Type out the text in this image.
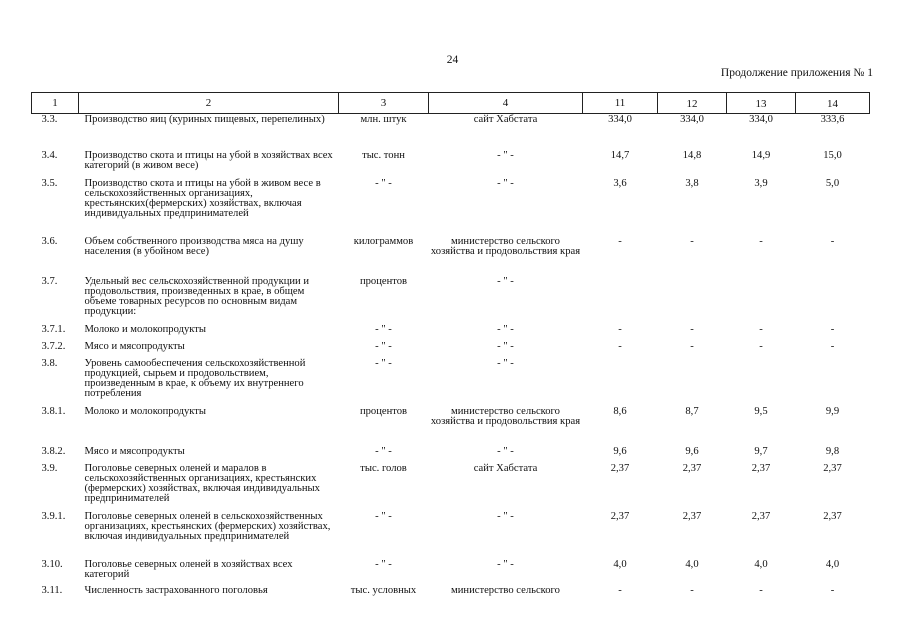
24
Продолжение приложения № 1
1	2	3	4	11	12	13	14
3.3.	Производство яиц (куриных пищевых, перепелиных)	млн. штук	сайт Хабстата	334,0	334,0	334,0	333,6
3.4.	Производство скота и птицы на убой в хозяйствах всех категорий (в живом весе)	тыс. тонн	- " -	14,7	14,8	14,9	15,0
3.5.	Производство скота и птицы на убой в живом весе в сельскохозяйственных организациях, крестьянских(фермерских) хозяйствах, включая индивидуальных предпринимателей	- " -	- " -	3,6	3,8	3,9	5,0
3.6.	Объем собственного производства мяса на душу населения (в убойном весе)	килограммов	министерство сельского хозяйства и продовольствия края	-	-	-	-
3.7.	Удельный вес сельскохозяйственной продукции и продовольствия, произведенных в крае, в общем объеме товарных ресурсов по основным видам продукции:	процентов	- " -				
3.7.1.	Молоко и молокопродукты	- " -	- " -	-	-	-	-
3.7.2.	Мясо и мясопродукты	- " -	- " -	-	-	-	-
3.8.	Уровень самообеспечения сельскохозяйственной продукцией, сырьем и продовольствием, произведенным в крае, к объему их внутреннего потребления	- " -	- " -				
3.8.1.	Молоко и молокопродукты	процентов	министерство сельского хозяйства и продовольствия края	8,6	8,7	9,5	9,9
3.8.2.	Мясо и мясопродукты	- " -	- " -	9,6	9,6	9,7	9,8
3.9.	Поголовье северных оленей и маралов в сельскохозяйственных организациях, крестьянских (фермерских) хозяйствах, включая индивидуальных предпринимателей	тыс. голов	сайт Хабстата	2,37	2,37	2,37	2,37
3.9.1.	Поголовье северных оленей в сельскохозяйственных организациях, крестьянских (фермерских) хозяйствах, включая индивидуальных предпринимателей	- " -	- " -	2,37	2,37	2,37	2,37
3.10.	Поголовье северных оленей в хозяйствах всех категорий	- " -	- " -	4,0	4,0	4,0	4,0
3.11.	Численность застрахованного поголовья	тыс. условных	министерство сельского	-	-	-	-
